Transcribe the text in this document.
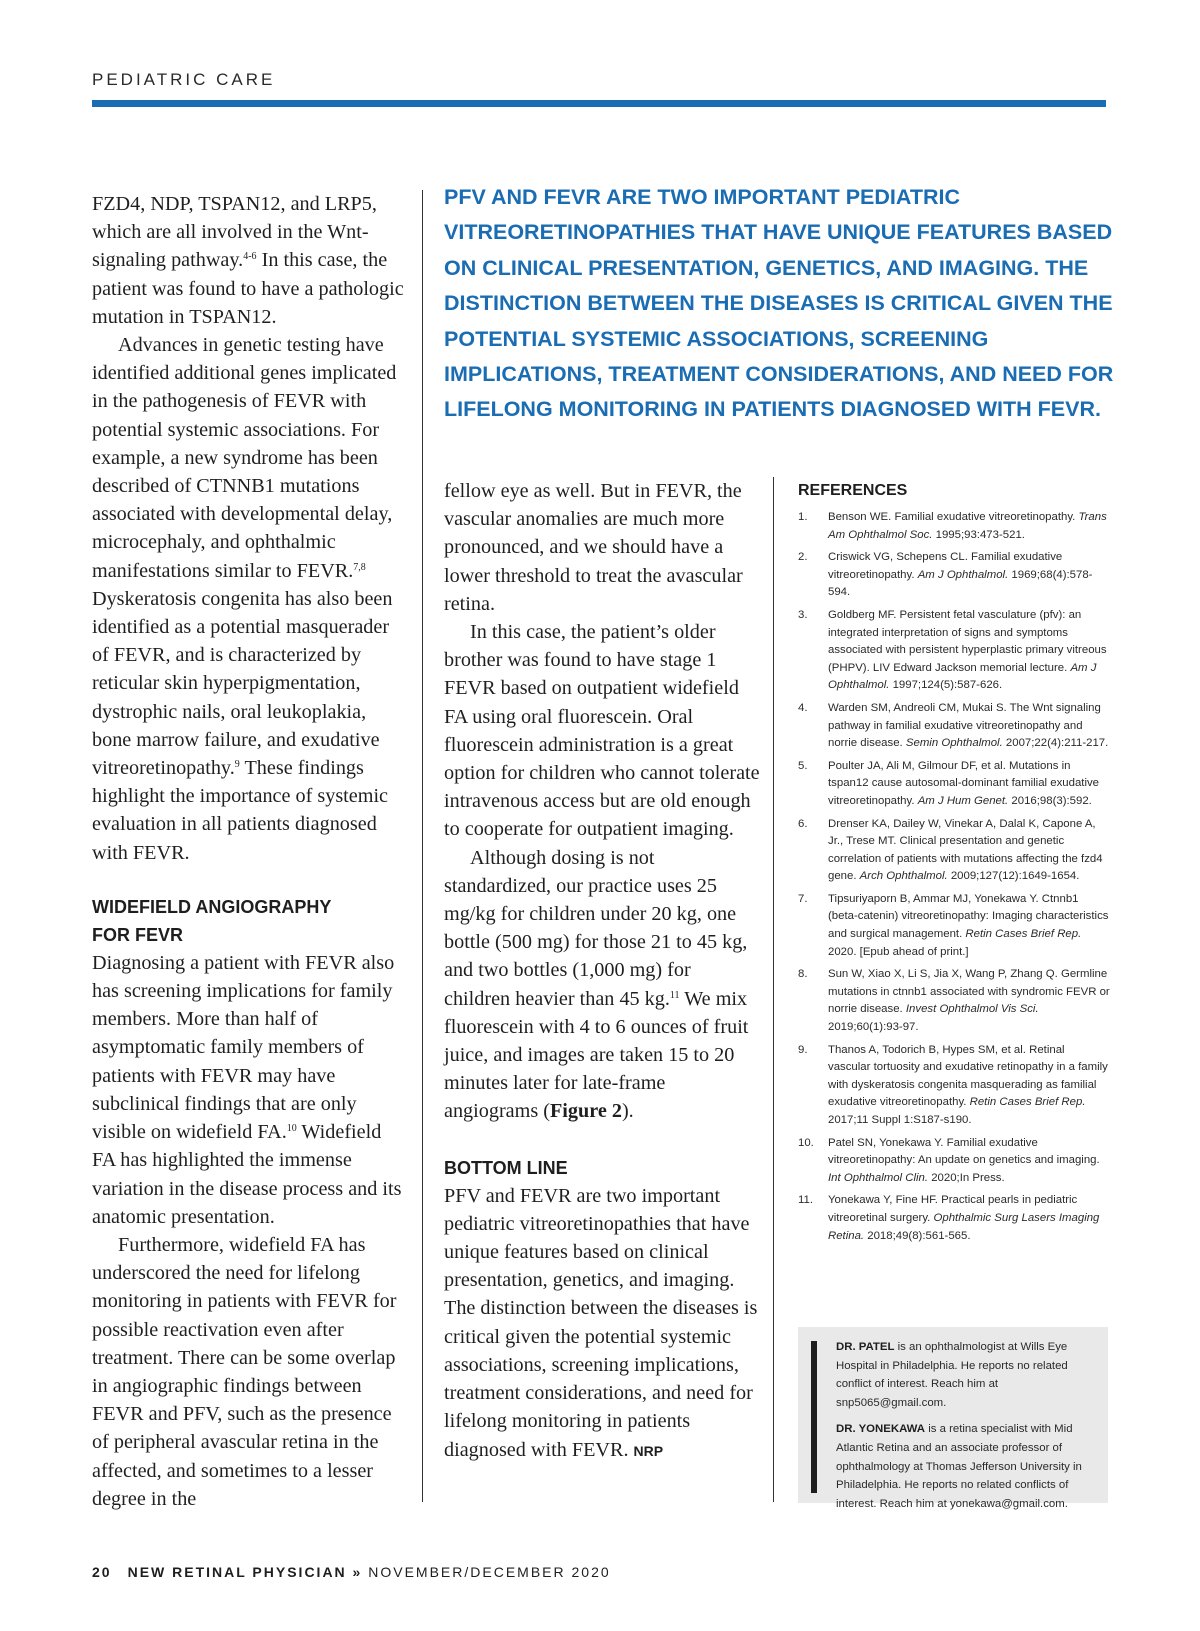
PEDIATRIC CARE

FZD4, NDP, TSPAN12, and LRP5, which are all involved in the Wnt-signaling pathway.$^{4-6}$ In this case, the patient was found to have a pathologic mutation in TSPAN12.

Advances in genetic testing have identified additional genes implicated in the pathogenesis of FEVR with potential systemic associations. For example, a new syndrome has been described of CTNNB1 mutations associated with developmental delay, microcephaly, and ophthalmic manifestations similar to FEVR.$^{7,8}$ Dyskeratosis congenita has also been identified as a potential masquerader of FEVR, and is characterized by reticular skin hyperpigmentation, dystrophic nails, oral leukoplakia, bone marrow failure, and exudative vitreoretinopathy.$^9$ These findings highlight the importance of systemic evaluation in all patients diagnosed with FEVR.

WIDEFIELD ANGIOGRAPHY
FOR FEVR

Diagnosing a patient with FEVR also has screening implications for family members. More than half of asymptomatic family members of patients with FEVR may have subclinical findings that are only visible on widefield FA.$^{10}$ Widefield FA has highlighted the immense variation in the disease process and its anatomic presentation.

Furthermore, widefield FA has underscored the need for lifelong monitoring in patients with FEVR for possible reactivation even after treatment. There can be some overlap in angiographic findings between FEVR and PFV, such as the presence of peripheral avascular retina in the affected, and sometimes to a lesser degree in the

PFV AND FEVR ARE TWO IMPORTANT PEDIATRIC VITREORETINOPATHIES THAT HAVE UNIQUE FEATURES BASED ON CLINICAL PRESENTATION, GENETICS, AND IMAGING. THE DISTINCTION BETWEEN THE DISEASES IS CRITICAL GIVEN THE POTENTIAL SYSTEMIC ASSOCIATIONS, SCREENING IMPLICATIONS, TREATMENT CONSIDERATIONS, AND NEED FOR LIFELONG MONITORING IN PATIENTS DIAGNOSED WITH FEVR.

fellow eye as well. But in FEVR, the vascular anomalies are much more pronounced, and we should have a lower threshold to treat the avascular retina.

In this case, the patient’s older brother was found to have stage 1 FEVR based on outpatient widefield FA using oral fluorescein. Oral fluorescein administration is a great option for children who cannot tolerate intravenous access but are old enough to cooperate for outpatient imaging.

Although dosing is not standardized, our practice uses 25 mg/kg for children under 20 kg, one bottle (500 mg) for those 21 to 45 kg, and two bottles (1,000 mg) for children heavier than 45 kg.$^{11}$ We mix fluorescein with 4 to 6 ounces of fruit juice, and images are taken 15 to 20 minutes later for late-frame angiograms (Figure 2).

BOTTOM LINE

PFV and FEVR are two important pediatric vitreoretinopathies that have unique features based on clinical presentation, genetics, and imaging. The distinction between the diseases is critical given the potential systemic associations, screening implications, treatment considerations, and need for lifelong monitoring in patients diagnosed with FEVR. NRP

REFERENCES
1. Benson WE. Familial exudative vitreoretinopathy. Trans Am Ophthalmol Soc. 1995;93:473-521.
2. Criswick VG, Schepens CL. Familial exudative vitreoretinopathy. Am J Ophthalmol. 1969;68(4):578-594.
3. Goldberg MF. Persistent fetal vasculature (pfv): an integrated interpretation of signs and symptoms associated with persistent hyperplastic primary vitreous (PHPV). LIV Edward Jackson memorial lecture. Am J Ophthalmol. 1997;124(5):587-626.
4. Warden SM, Andreoli CM, Mukai S. The Wnt signaling pathway in familial exudative vitreoretinopathy and norrie disease. Semin Ophthalmol. 2007;22(4):211-217.
5. Poulter JA, Ali M, Gilmour DF, et al. Mutations in tspan12 cause autosomal-dominant familial exudative vitreoretinopathy. Am J Hum Genet. 2016;98(3):592.
6. Drenser KA, Dailey W, Vinekar A, Dalal K, Capone A, Jr., Trese MT. Clinical presentation and genetic correlation of patients with mutations affecting the fzd4 gene. Arch Ophthalmol. 2009;127(12):1649-1654.
7. Tipsuriyaporn B, Ammar MJ, Yonekawa Y. Ctnnb1 (beta-catenin) vitreoretinopathy: Imaging characteristics and surgical management. Retin Cases Brief Rep. 2020. [Epub ahead of print.]
8. Sun W, Xiao X, Li S, Jia X, Wang P, Zhang Q. Germline mutations in ctnnb1 associated with syndromic FEVR or norrie disease. Invest Ophthalmol Vis Sci. 2019;60(1):93-97.
9. Thanos A, Todorich B, Hypes SM, et al. Retinal vascular tortuosity and exudative retinopathy in a family with dyskeratosis congenita masquerading as familial exudative vitreoretinopathy. Retin Cases Brief Rep. 2017;11 Suppl 1:S187-s190.
10. Patel SN, Yonekawa Y. Familial exudative vitreoretinopathy: An update on genetics and imaging. Int Ophthalmol Clin. 2020;In Press.
11. Yonekawa Y, Fine HF. Practical pearls in pediatric vitreoretinal surgery. Ophthalmic Surg Lasers Imaging Retina. 2018;49(8):561-565.

DR. PATEL is an ophthalmologist at Wills Eye Hospital in Philadelphia. He reports no related conflict of interest. Reach him at snp5065@gmail.com.

DR. YONEKAWA is a retina specialist with Mid Atlantic Retina and an associate professor of ophthalmology at Thomas Jefferson University in Philadelphia. He reports no related conflicts of interest. Reach him at yonekawa@gmail.com.

20 NEW RETINAL PHYSICIAN » NOVEMBER/DECEMBER 2020
